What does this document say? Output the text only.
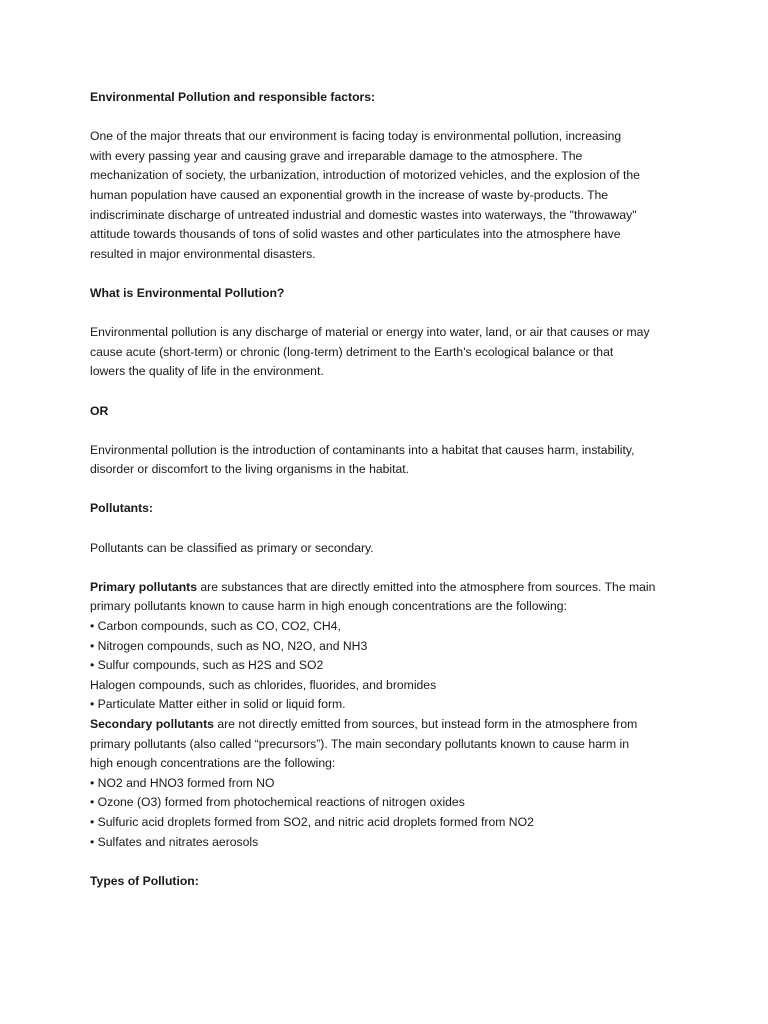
Environmental Pollution and responsible factors:
One of the major threats that our environment is facing today is environmental pollution, increasing
with every passing year and causing grave and irreparable damage to the atmosphere. The
mechanization of society, the urbanization, introduction of motorized vehicles, and the explosion of the
human population have caused an exponential growth in the increase of waste by-products. The
indiscriminate discharge of untreated industrial and domestic wastes into waterways, the "throwaway"
attitude towards thousands of tons of solid wastes and other particulates into the atmosphere have
resulted in major environmental disasters.
What is Environmental Pollution?
Environmental pollution is any discharge of material or energy into water, land, or air that causes or may
cause acute (short-term) or chronic (long-term) detriment to the Earth's ecological balance or that
lowers the quality of life in the environment.
OR
Environmental pollution is the introduction of contaminants into a habitat that causes harm, instability,
disorder or discomfort to the living organisms in the habitat.
Pollutants:
Pollutants can be classified as primary or secondary.
Primary pollutants are substances that are directly emitted into the atmosphere from sources. The main
primary pollutants known to cause harm in high enough concentrations are the following:
• Carbon compounds, such as CO, CO2, CH4,
• Nitrogen compounds, such as NO, N2O, and NH3
• Sulfur compounds, such as H2S and SO2
Halogen compounds, such as chlorides, fluorides, and bromides
• Particulate Matter either in solid or liquid form.
Secondary pollutants are not directly emitted from sources, but instead form in the atmosphere from
primary pollutants (also called “precursors”). The main secondary pollutants known to cause harm in
high enough concentrations are the following:
• NO2 and HNO3 formed from NO
• Ozone (O3) formed from photochemical reactions of nitrogen oxides
• Sulfuric acid droplets formed from SO2, and nitric acid droplets formed from NO2
• Sulfates and nitrates aerosols
Types of Pollution:
